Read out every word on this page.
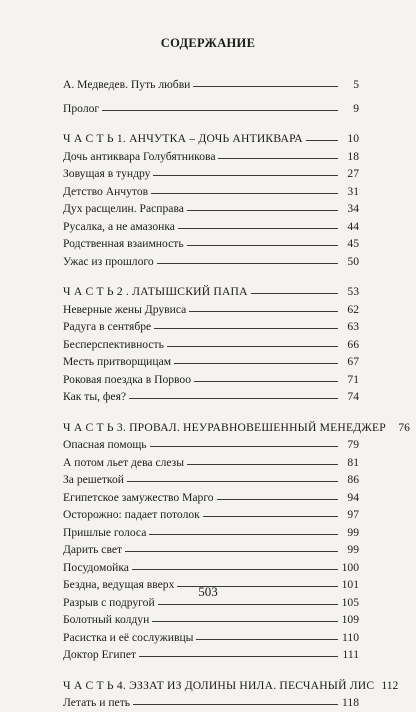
СОДЕРЖАНИЕ
А. Медведев. Путь любви	5
Пролог	9
Ч А С Т Ь 1. АНЧУТКА – ДОЧЬ АНТИКВАРА	10
Дочь антиквара Голубятникова	18
Зовущая в тундру	27
Детство Анчутов	31
Дух расщелин. Расправа	34
Русалка, а не амазонка	44
Родственная взаимность	45
Ужас из прошлого	50
Ч А С Т Ь 2 . ЛАТЫШСКИЙ ПАПА	53
Неверные жены Друвиса	62
Радуга в сентябре	63
Бесперспективность	66
Месть притворщицам	67
Роковая поездка в Порвоо	71
Как ты, фея?	74
Ч А С Т Ь 3. ПРОВАЛ. НЕУРАВНОВЕШЕННЫЙ МЕНЕДЖЕР	76
Опасная помощь	79
А потом льет дева слезы	81
За решеткой	86
Египетское замужество Марго	94
Осторожно: падает потолок	97
Пришлые голоса	99
Дарить свет	99
Посудомойка	100
Бездна, ведущая вверх	101
Разрыв с подругой	105
Болотный колдун	109
Расистка и её сослуживцы	110
Доктор Египет	111
Ч А С Т Ь 4. ЭЗЗАТ ИЗ ДОЛИНЫ НИЛА. ПЕСЧАНЫЙ ЛИС 112
Летать и петь	118
503
